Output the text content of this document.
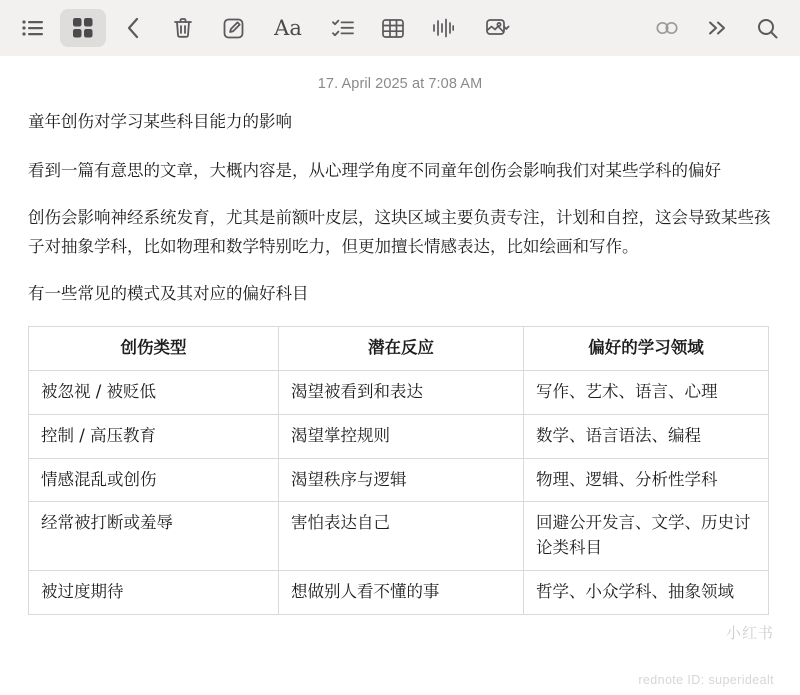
Aa
17. April 2025 at 7:08 AM

童年创伤对学习某些科目能力的影响

看到一篇有意思的文章，大概内容是，从心理学角度不同童年创伤会影响我们对某些学科的偏好

创伤会影响神经系统发育，尤其是前额叶皮层，这块区域主要负责专注，计划和自控，这会导致某些孩子对抽象学科，比如物理和数学特别吃力，但更加擅长情感表达，比如绘画和写作。

有一些常见的模式及其对应的偏好科目

创伤类型	潜在反应	偏好的学习领域
被忽视 / 被贬低	渴望被看到和表达	写作、艺术、语言、心理
控制 / 高压教育	渴望掌控规则	数学、语言语法、编程
情感混乱或创伤	渴望秩序与逻辑	物理、逻辑、分析性学科
经常被打断或羞辱	害怕表达自己	回避公开发言、文学、历史讨论类科目
被过度期待	想做别人看不懂的事	哲学、小众学科、抽象领域
小红书
rednote ID: superidealt
